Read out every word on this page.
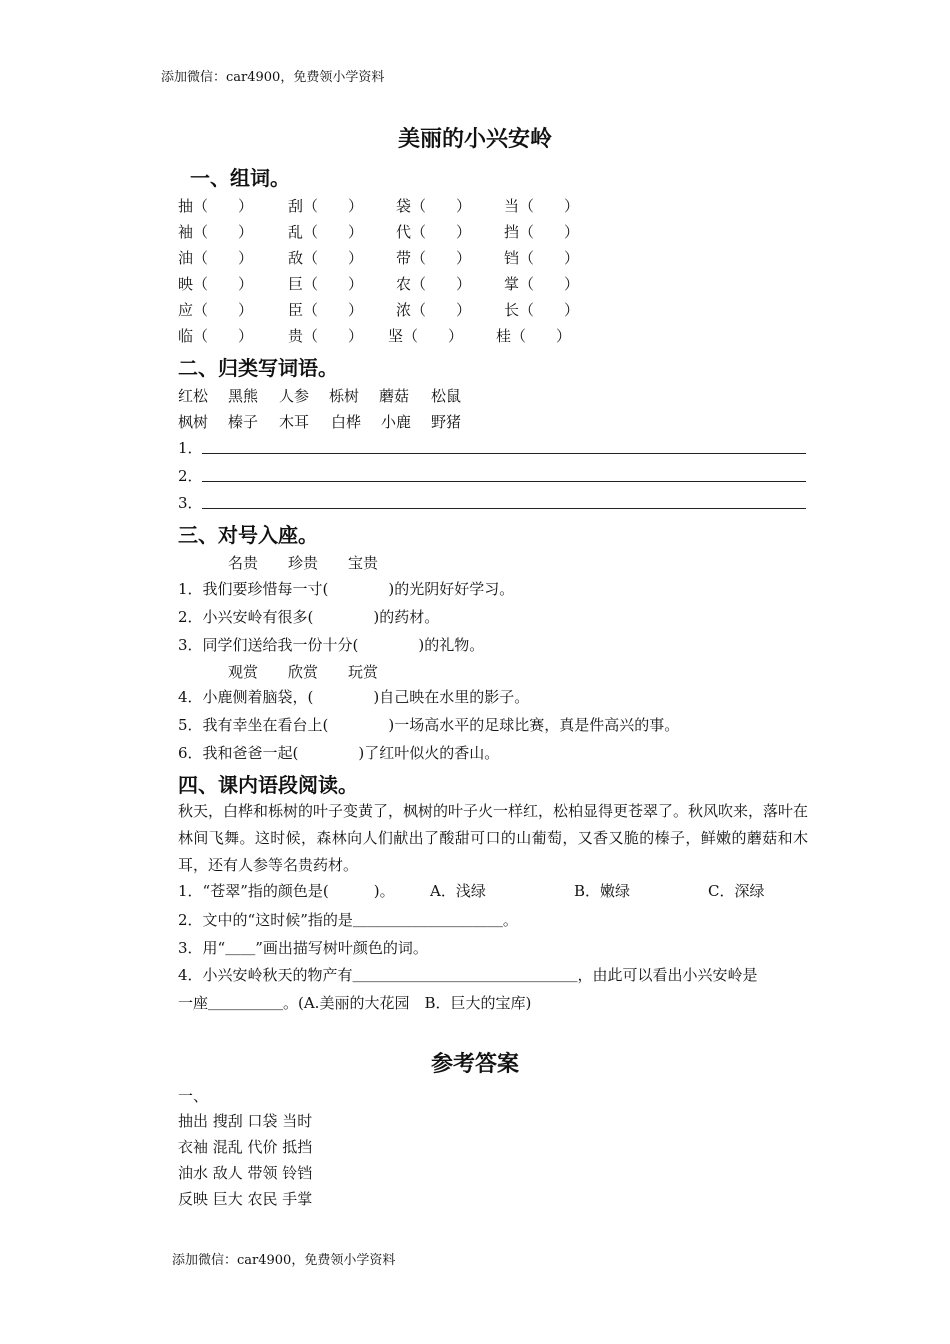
添加微信：car4900，免费领小学资料
美丽的小兴安岭
一、组词。
抽（　　） 刮（　　） 袋（　　） 当（　　）
袖（　　） 乱（　　） 代（　　） 挡（　　）
油（　　） 敌（　　） 带（　　） 铛（　　）
映（　　） 巨（　　） 农（　　） 掌（　　）
应（　　） 臣（　　） 浓（　　） 长（　　）
临（　　） 贵（　　） 坚（　　） 桂（　　）
二、归类写词语。
红松 黑熊 人参 栎树 蘑菇 松鼠
枫树 榛子 木耳 白桦 小鹿 野猪
1．
2．
3．
三、对号入座。
名贵　　珍贵　　宝贵
1．我们要珍惜每一寸(　　　　)的光阴好好学习。
2．小兴安岭有很多(　　　　)的药材。
3．同学们送给我一份十分(　　　　)的礼物。
观赏　　欣赏　　玩赏
4．小鹿侧着脑袋，(　　　　)自己映在水里的影子。
5．我有幸坐在看台上(　　　　)一场高水平的足球比赛，真是件高兴的事。
6．我和爸爸一起(　　　　)了红叶似火的香山。
四、课内语段阅读。
秋天，白桦和栎树的叶子变黄了，枫树的叶子火一样红，松柏显得更苍翠了。秋风吹来，落叶在林间飞舞。这时候，森林向人们献出了酸甜可口的山葡萄，又香又脆的榛子，鲜嫩的蘑菇和木耳，还有人参等名贵药材。
1．“苍翠”指的颜色是(　　　)。 A．浅绿	B．嫩绿	C．深绿
2．文中的“这时候”指的是＿＿＿＿＿＿＿＿＿＿。
3．用“＿＿”画出描写树叶颜色的词。
4．小兴安岭秋天的物产有＿＿＿＿＿＿＿＿＿＿＿＿＿＿＿，由此可以看出小兴安岭是
一座＿＿＿＿＿。(A.美丽的大花园　B．巨大的宝库)
参考答案
一、
抽出 搜刮 口袋 当时
衣袖 混乱 代价 抵挡
油水 敌人 带领 铃铛
反映 巨大 农民 手掌
添加微信：car4900，免费领小学资料
